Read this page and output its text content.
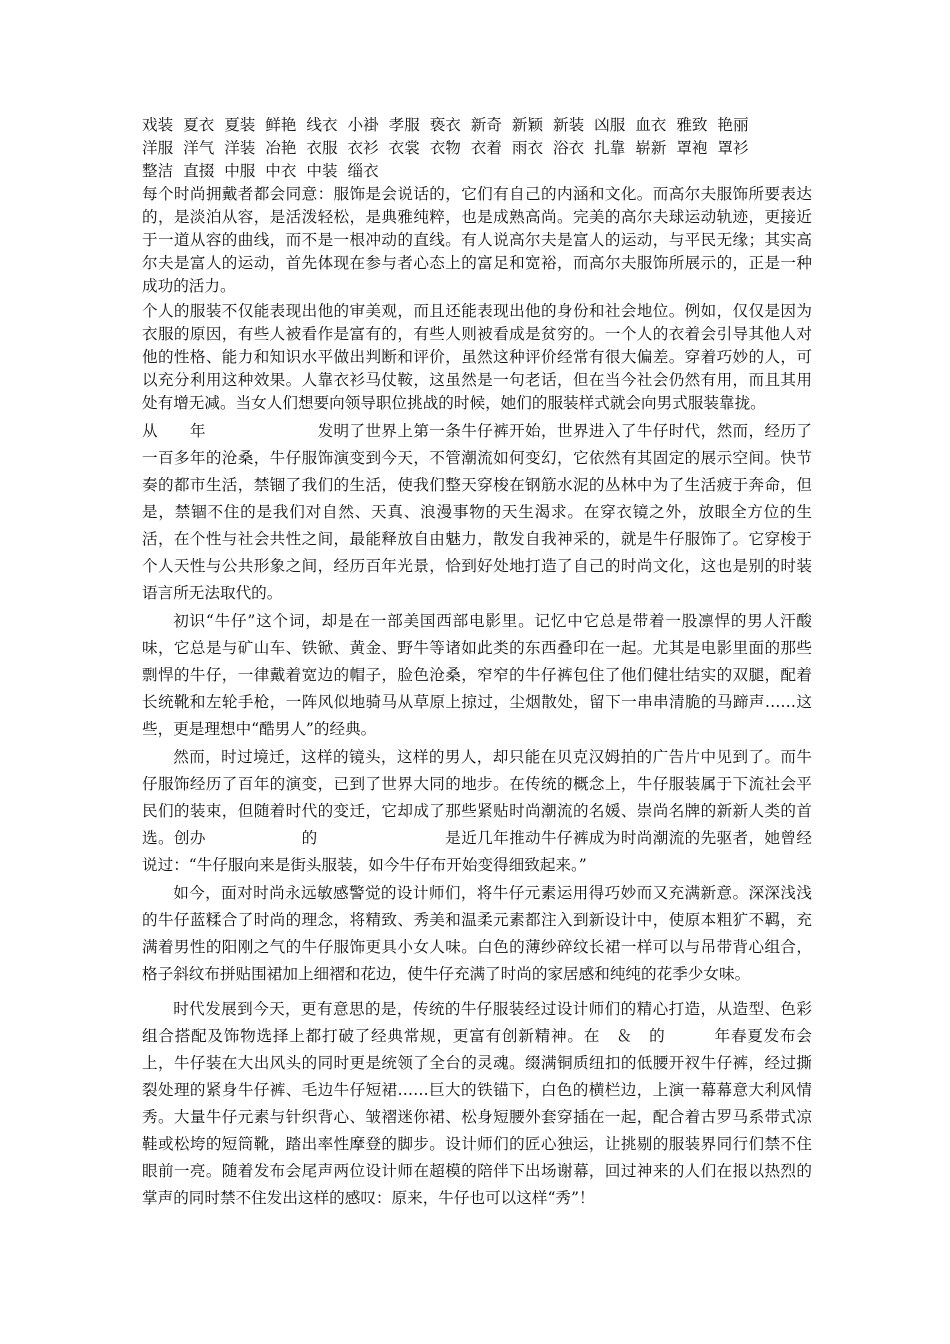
戏装  夏衣  夏装  鲜艳  线衣  小褂  孝服  亵衣  新奇  新颖  新装  凶服  血衣  雅致  艳丽
洋服  洋气  洋装  冶艳  衣服  衣衫  衣裳  衣物  衣着  雨衣  浴衣  扎靠  崭新  罩袍  罩衫
整洁  直掇  中服  中衣  中装  缁衣

每个时尚拥戴者都会同意：服饰是会说话的，它们有自己的内涵和文化。而高尔夫服饰所要表达的，是淡泊从容，是活泼轻松，是典雅纯粹，也是成熟高尚。完美的高尔夫球运动轨迹，更接近于一道从容的曲线，而不是一根冲动的直线。有人说高尔夫是富人的运动，与平民无缘；其实高尔夫是富人的运动，首先体现在参与者心态上的富足和宽裕，而高尔夫服饰所展示的，正是一种成功的活力。

个人的服装不仅能表现出他的审美观，而且还能表现出他的身份和社会地位。例如，仅仅是因为衣服的原因，有些人被看作是富有的，有些人则被看成是贫穷的。一个人的衣着会引导其他人对他的性格、能力和知识水平做出判断和评价，虽然这种评价经常有很大偏差。穿着巧妙的人，可以充分利用这种效果。人靠衣衫马仗鞍，这虽然是一句老话，但在当今社会仍然有用，而且其用处有增无减。当女人们想要向领导职位挑战的时候，她们的服装样式就会向男式服装靠拢。

从　　年　　　　　　　发明了世界上第一条牛仔裤开始，世界进入了牛仔时代，然而，经历了一百多年的沧桑，牛仔服饰演变到今天，不管潮流如何变幻，它依然有其固定的展示空间。快节奏的都市生活，禁锢了我们的生活，使我们整天穿梭在钢筋水泥的丛林中为了生活疲于奔命，但是，禁锢不住的是我们对自然、天真、浪漫事物的天生渴求。在穿衣镜之外，放眼全方位的生活，在个性与社会共性之间，最能释放自由魅力，散发自我神采的，就是牛仔服饰了。它穿梭于个人天性与公共形象之间，经历百年光景，恰到好处地打造了自己的时尚文化，这也是别的时装语言所无法取代的。

初识“牛仔”这个词，却是在一部美国西部电影里。记忆中它总是带着一股凛悍的男人汗酸味，它总是与矿山车、铁锨、黄金、野牛等诸如此类的东西叠印在一起。尤其是电影里面的那些剽悍的牛仔，一律戴着宽边的帽子，脸色沧桑，窄窄的牛仔裤包住了他们健壮结实的双腿，配着长统靴和左轮手枪，一阵风似地骑马从草原上掠过，尘烟散处，留下一串串清脆的马蹄声……这些，更是理想中“酷男人”的经典。

然而，时过境迁，这样的镜头，这样的男人，却只能在贝克汉姆拍的广告片中见到了。而牛仔服饰经历了百年的演变，已到了世界大同的地步。在传统的概念上，牛仔服装属于下流社会平民们的装束，但随着时代的变迁，它却成了那些紧贴时尚潮流的名媛、崇尚名牌的新新人类的首选。创办　　　　　　的　　　　　　　　是近几年推动牛仔裤成为时尚潮流的先驱者，她曾经说过：“牛仔服向来是街头服装，如今牛仔布开始变得细致起来。”

如今，面对时尚永远敏感警觉的设计师们，将牛仔元素运用得巧妙而又充满新意。深深浅浅的牛仔蓝糅合了时尚的理念，将精致、秀美和温柔元素都注入到新设计中，使原本粗犷不羁，充满着男性的阳刚之气的牛仔服饰更具小女人味。白色的薄纱碎纹长裙一样可以与吊带背心组合，格子斜纹布拼贴围裙加上细褶和花边，使牛仔充满了时尚的家居感和纯纯的花季少女味。

时代发展到今天，更有意思的是，传统的牛仔服装经过设计师们的精心打造，从造型、色彩组合搭配及饰物选择上都打破了经典常规，更富有创新精神。在　＆　的　　　年春夏发布会上，牛仔装在大出风头的同时更是统领了全台的灵魂。缀满铜质纽扣的低腰开衩牛仔裤，经过撕裂处理的紧身牛仔裤、毛边牛仔短裙……巨大的铁锚下，白色的横栏边，上演一幕幕意大利风情秀。大量牛仔元素与针织背心、皱褶迷你裙、松身短腰外套穿插在一起，配合着古罗马系带式凉鞋或松垮的短筒靴，踏出率性摩登的脚步。设计师们的匠心独运，让挑剔的服装界同行们禁不住眼前一亮。随着发布会尾声两位设计师在超模的陪伴下出场谢幕，回过神来的人们在报以热烈的掌声的同时禁不住发出这样的感叹：原来，牛仔也可以这样“秀”！
